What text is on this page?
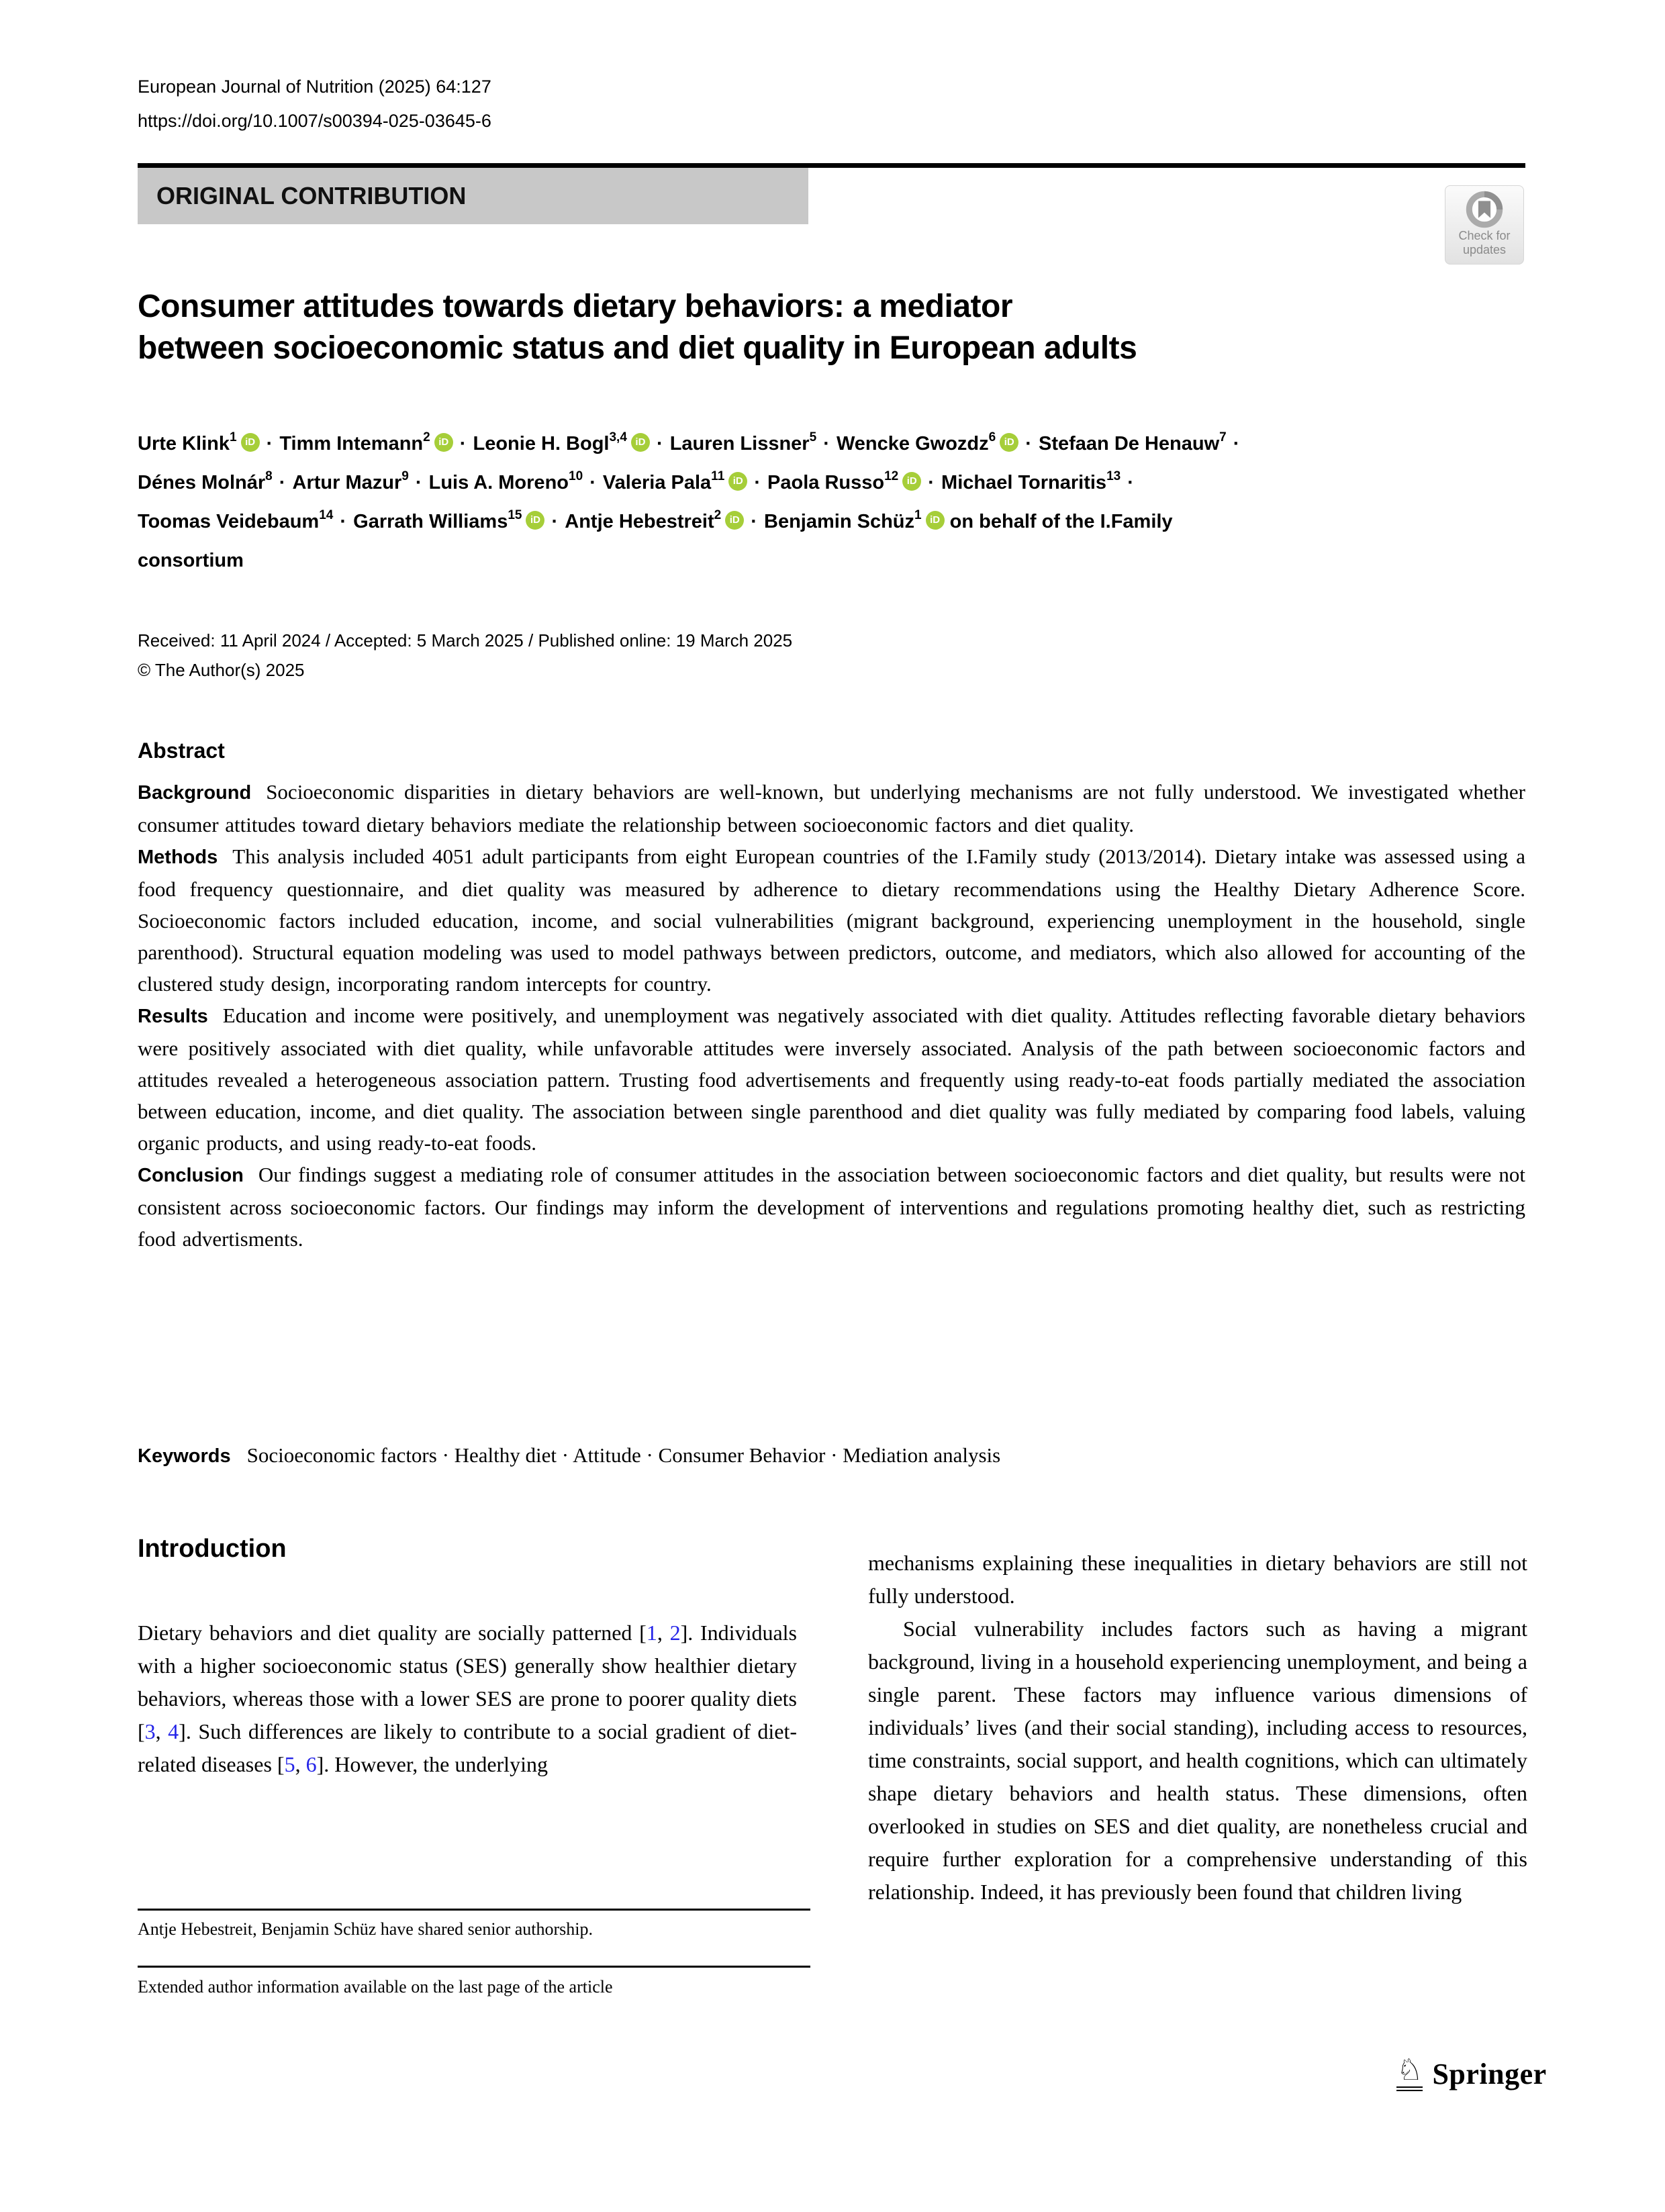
European Journal of Nutrition (2025) 64:127
https://doi.org/10.1007/s00394-025-03645-6
ORIGINAL CONTRIBUTION
Check for
updates
Consumer attitudes towards dietary behaviors: a mediator
between socioeconomic status and diet quality in European adults
Urte Klink$^1$ iD · Timm Intemann$^2$ iD · Leonie H. Bogl$^{3,4}$ iD · Lauren Lissner$^5$ · Wencke Gwozdz$^6$ iD · Stefaan De Henauw$^7$ ·
Dénes Molnár$^8$ · Artur Mazur$^9$ · Luis A. Moreno$^{10}$ · Valeria Pala$^{11}$ iD · Paola Russo$^{12}$ iD · Michael Tornaritis$^{13}$ ·
Toomas Veidebaum$^{14}$ · Garrath Williams$^{15}$ iD · Antje Hebestreit$^2$ iD · Benjamin Schüz$^1$ iD on behalf of the I.Family
consortium
Received: 11 April 2024 / Accepted: 5 March 2025 / Published online: 19 March 2025
© The Author(s) 2025
Abstract

Background Socioeconomic disparities in dietary behaviors are well-known, but underlying mechanisms are not fully understood. We investigated whether consumer attitudes toward dietary behaviors mediate the relationship between socioeconomic factors and diet quality.

Methods This analysis included 4051 adult participants from eight European countries of the I.Family study (2013/2014). Dietary intake was assessed using a food frequency questionnaire, and diet quality was measured by adherence to dietary recommendations using the Healthy Dietary Adherence Score. Socioeconomic factors included education, income, and social vulnerabilities (migrant background, experiencing unemployment in the household, single parenthood). Structural equation modeling was used to model pathways between predictors, outcome, and mediators, which also allowed for accounting of the clustered study design, incorporating random intercepts for country.

Results Education and income were positively, and unemployment was negatively associated with diet quality. Attitudes reflecting favorable dietary behaviors were positively associated with diet quality, while unfavorable attitudes were inversely associated. Analysis of the path between socioeconomic factors and attitudes revealed a heterogeneous association pattern. Trusting food advertisements and frequently using ready-to-eat foods partially mediated the association between education, income, and diet quality. The association between single parenthood and diet quality was fully mediated by comparing food labels, valuing organic products, and using ready-to-eat foods.

Conclusion Our findings suggest a mediating role of consumer attitudes in the association between socioeconomic factors and diet quality, but results were not consistent across socioeconomic factors. Our findings may inform the development of interventions and regulations promoting healthy diet, such as restricting food advertisments.

Keywords Socioeconomic factors · Healthy diet · Attitude · Consumer Behavior · Mediation analysis
Introduction

Dietary behaviors and diet quality are socially patterned [1, 2]. Individuals with a higher socioeconomic status (SES) generally show healthier dietary behaviors, whereas those with a lower SES are prone to poorer quality diets [3, 4]. Such differences are likely to contribute to a social gradient of diet-related diseases [5, 6]. However, the underlying

mechanisms explaining these inequalities in dietary behaviors are still not fully understood.

Social vulnerability includes factors such as having a migrant background, living in a household experiencing unemployment, and being a single parent. These factors may influence various dimensions of individuals’ lives (and their social standing), including access to resources, time constraints, social support, and health cognitions, which can ultimately shape dietary behaviors and health status. These dimensions, often overlooked in studies on SES and diet quality, are nonetheless crucial and require further exploration for a comprehensive understanding of this relationship. Indeed, it has previously been found that children living

Antje Hebestreit, Benjamin Schüz have shared senior authorship.
Extended author information available on the last page of the article
♘ Springer
